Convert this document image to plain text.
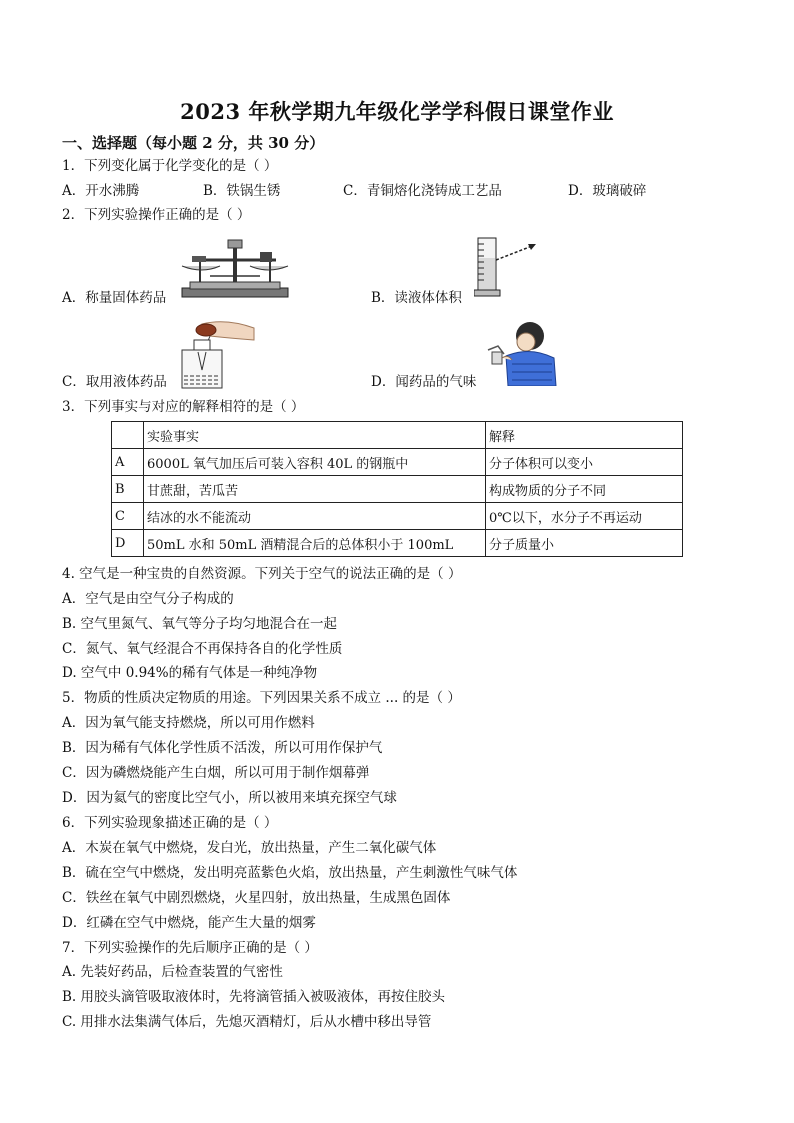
2023 年秋学期九年级化学学科假日课堂作业
一、选择题（每小题 2 分，共 30 分）
1．下列变化属于化学变化的是（ ）
A．开水沸腾	B．铁锅生锈	C．青铜熔化浇铸成工艺品	D．玻璃破碎
2．下列实验操作正确的是（ ）
A．称量固体药品	B．读液体体积
C．取用液体药品	D．闻药品的气味
3．下列事实与对应的解释相符的是（ ）
	实验事实	解释
A	6000L 氧气加压后可装入容积 40L 的钢瓶中	分子体积可以变小
B	甘蔗甜，苦瓜苦	构成物质的分子不同
C	结冰的水不能流动	0℃以下，水分子不再运动
D	50mL 水和 50mL 酒精混合后的总体积小于 100mL	分子质量小
4. 空气是一种宝贵的自然资源。下列关于空气的说法正确的是（ ）
A．空气是由空气分子构成的
B. 空气里氮气、氧气等分子均匀地混合在一起
C．氮气、氧气经混合不再保持各自的化学性质
D. 空气中 0.94%的稀有气体是一种纯净物
5．物质的性质决定物质的用途。下列因果关系不成立 ... 的是（ ）
A．因为氧气能支持燃烧，所以可用作燃料
B．因为稀有气体化学性质不活泼，所以可用作保护气
C．因为磷燃烧能产生白烟，所以可用于制作烟幕弹
D．因为氦气的密度比空气小，所以被用来填充探空气球
6．下列实验现象描述正确的是（ ）
A．木炭在氧气中燃烧，发白光，放出热量，产生二氧化碳气体
B．硫在空气中燃烧，发出明亮蓝紫色火焰，放出热量，产生刺激性气味气体
C．铁丝在氧气中剧烈燃烧，火星四射，放出热量，生成黑色固体
D．红磷在空气中燃烧，能产生大量的烟雾
7．下列实验操作的先后顺序正确的是（ ）
A. 先装好药品，后检查装置的气密性
B. 用胶头滴管吸取液体时，先将滴管插入被吸液体，再按住胶头
C. 用排水法集满气体后，先熄灭酒精灯，后从水槽中移出导管
